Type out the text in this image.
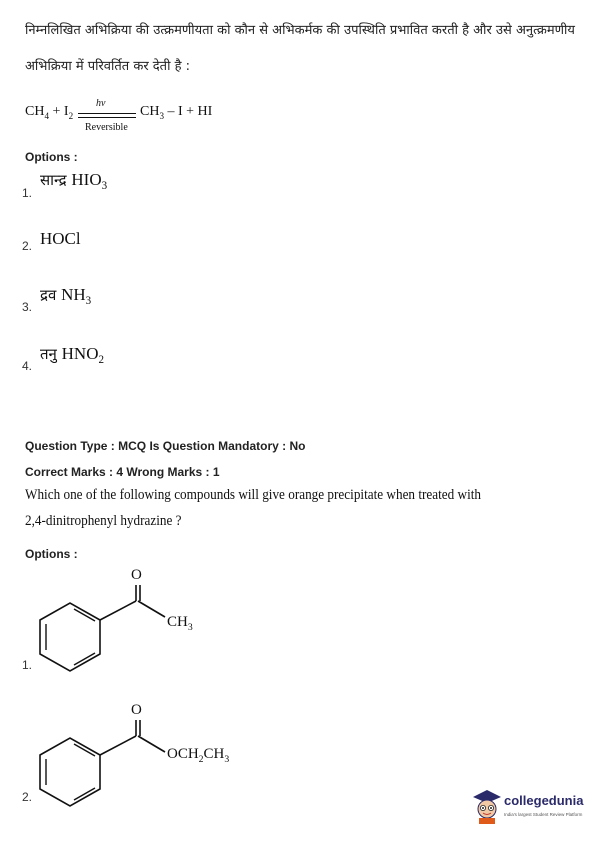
निम्नलिखित अभिक्रिया की उत्क्रमणीयता को कौन से अभिकर्मक की उपस्थिति प्रभावित करती है और उसे अनुत्क्रमणीय
अभिक्रिया में परिवर्तित कर देती है :
$CH_4 + I_2$
hν
Reversible
$CH_3$ – I + HI
Options :
सान्द्र $HIO_3$
1.
HOCl
2.
द्रव $NH_3$
3.
तनु $HNO_2$
4.
Question Type : MCQ Is Question Mandatory : No
Correct Marks : 4 Wrong Marks : 1
Which one of the following compounds will give orange precipitate when treated with
2,4-dinitrophenyl hydrazine ?
Options :
O
$CH_3$
1.
O
$OCH_2CH_3$
2.	collegedunia
India's largest Student Review Platform
